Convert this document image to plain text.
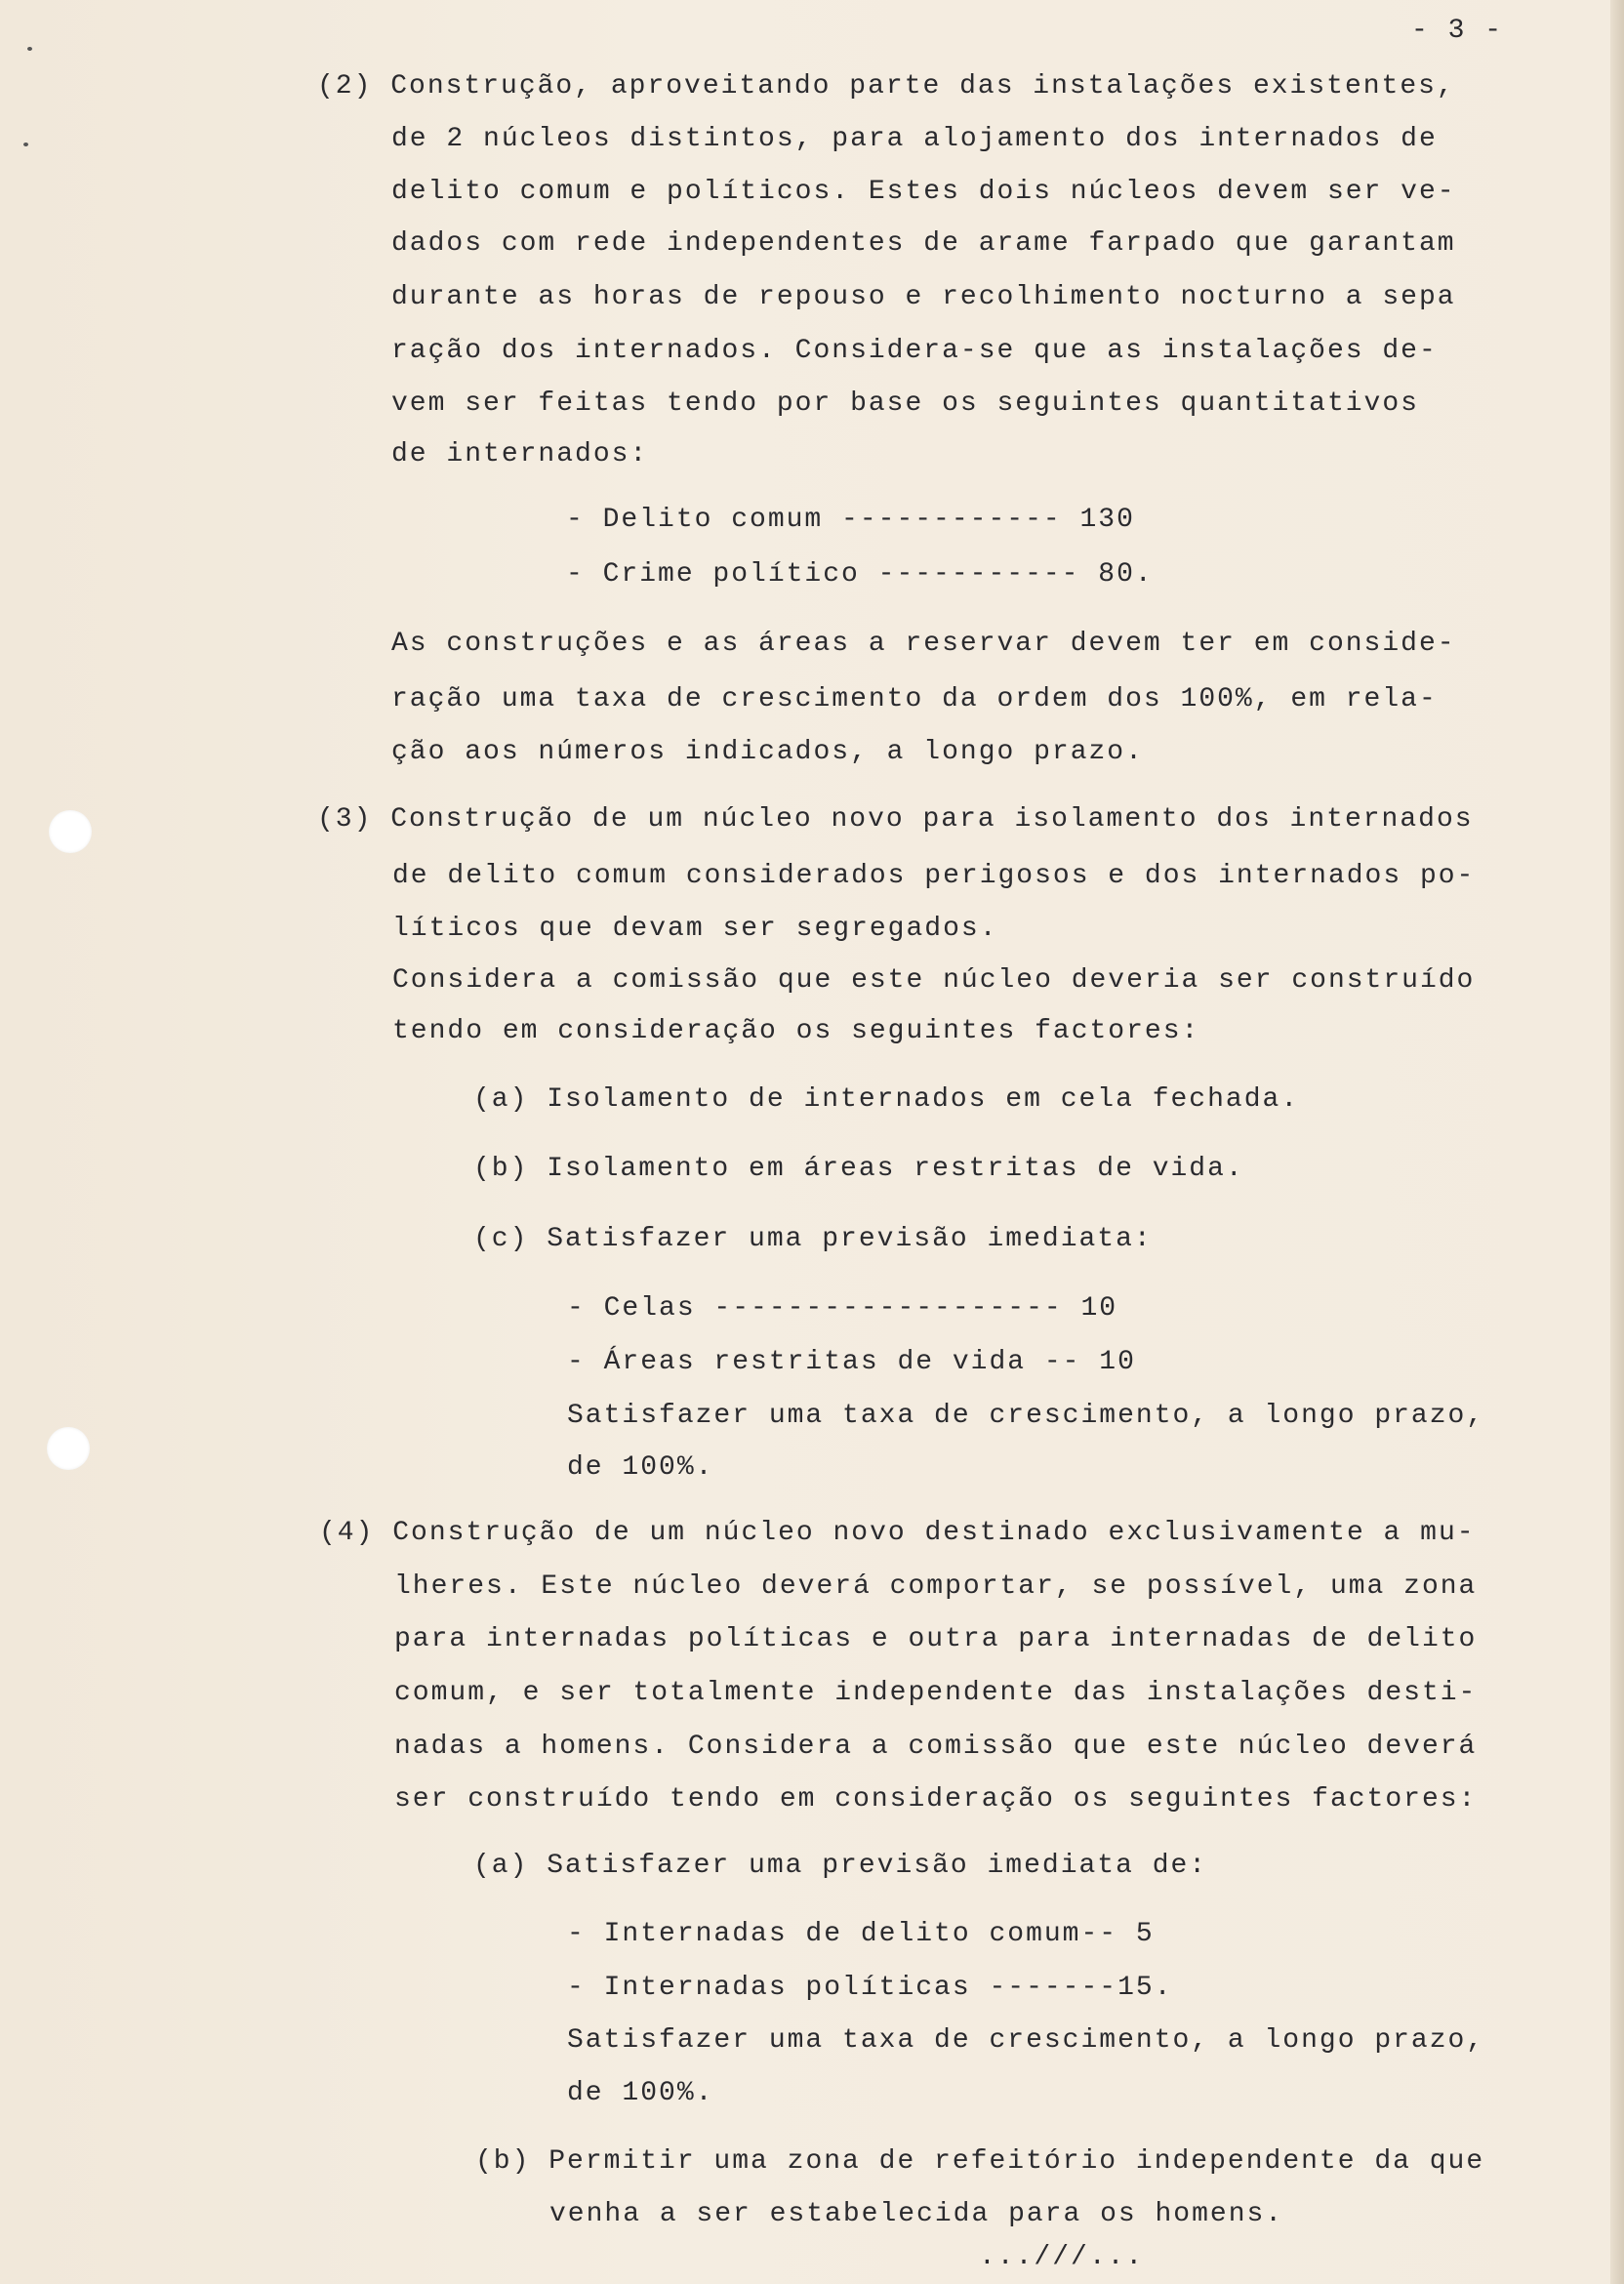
- 3 -

(2) Construção, aproveitando parte das instalações existentes,

de 2 núcleos distintos, para alojamento dos internados de

delito comum e políticos. Estes dois núcleos devem ser ve-

dados com rede independentes de arame farpado que garantam

durante as horas de repouso e recolhimento nocturno a sepa

ração dos internados. Considera-se que as instalações de-

vem ser feitas tendo por base os seguintes quantitativos

de internados:

- Delito comum ------------ 130

- Crime político ----------- 80.

As construções e as áreas a reservar devem ter em conside-

ração uma taxa de crescimento da ordem dos 100%, em rela-

ção aos números indicados, a longo prazo.

(3) Construção de um núcleo novo para isolamento dos internados

de delito comum considerados perigosos e dos internados po-

líticos que devam ser segregados.

Considera a comissão que este núcleo deveria ser construído

tendo em consideração os seguintes factores:

(a) Isolamento de internados em cela fechada.

(b) Isolamento em áreas restritas de vida.

(c) Satisfazer uma previsão imediata:

- Celas ------------------- 10

- Áreas restritas de vida -- 10

Satisfazer uma taxa de crescimento, a longo prazo,

de 100%.

(4) Construção de um núcleo novo destinado exclusivamente a mu-

lheres. Este núcleo deverá comportar, se possível, uma zona

para internadas políticas e outra para internadas de delito

comum, e ser totalmente independente das instalações desti-

nadas a homens. Considera a comissão que este núcleo deverá

ser construído tendo em consideração os seguintes factores:

(a) Satisfazer uma previsão imediata de:

- Internadas de delito comum-- 5

- Internadas políticas -------15.

Satisfazer uma taxa de crescimento, a longo prazo,

de 100%.

(b) Permitir uma zona de refeitório independente da que

venha a ser estabelecida para os homens.

...///...
